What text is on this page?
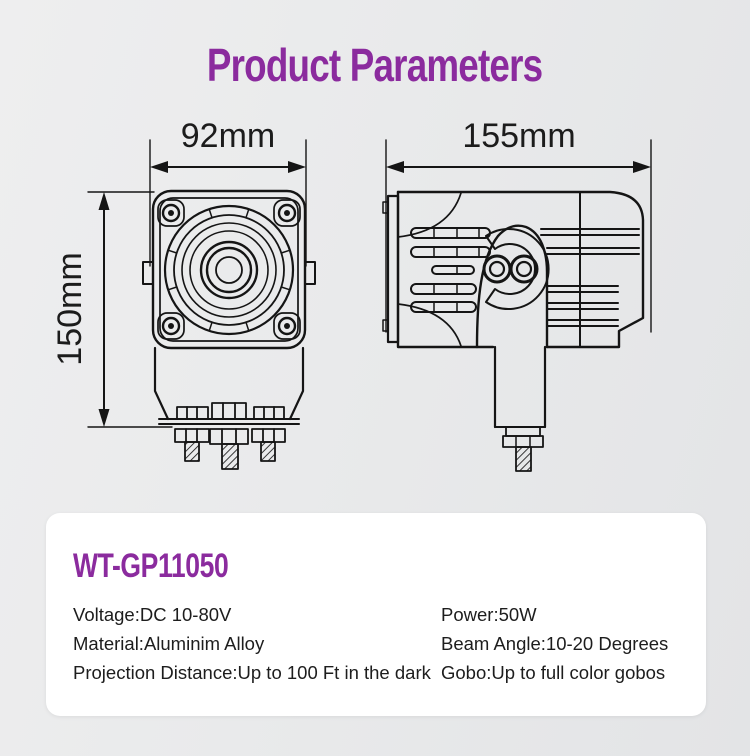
Product Parameters
92mm
150mm
155mm
WT-GP11050
Voltage:DC 10-80V	Power:50W
Material:Aluminim Alloy	Beam Angle:10-20 Degrees
Projection Distance:Up to 100 Ft in the dark Gobo:Up to full color gobos
